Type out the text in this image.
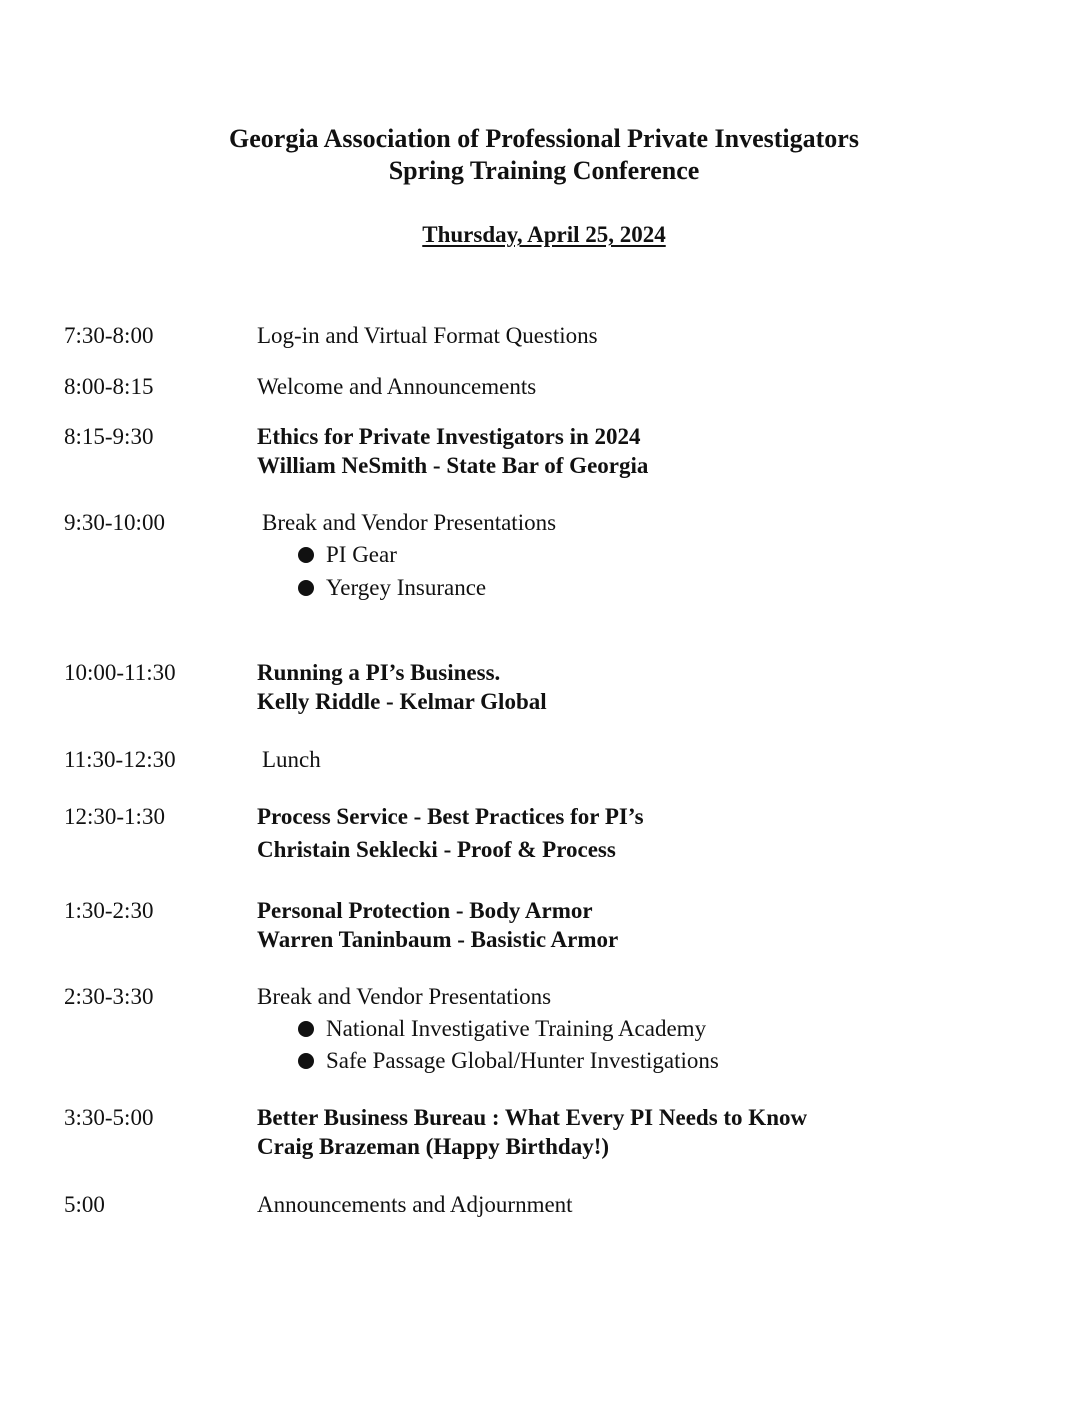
Georgia Association of Professional Private Investigators
Spring Training Conference
Thursday, April 25, 2024
7:30-8:00	Log-in and Virtual Format Questions
8:00-8:15	Welcome and Announcements
8:15-9:30	Ethics for Private Investigators in 2024
William NeSmith - State Bar of Georgia
9:30-10:00	Break and Vendor Presentations
PI Gear
Yergey Insurance
10:00-11:30	Running a PI’s Business.
Kelly Riddle - Kelmar Global
11:30-12:30	Lunch
12:30-1:30	Process Service - Best Practices for PI’s
Christain Seklecki - Proof & Process
1:30-2:30	Personal Protection - Body Armor
Warren Taninbaum - Basistic Armor
2:30-3:30	Break and Vendor Presentations
National Investigative Training Academy
Safe Passage Global/Hunter Investigations
3:30-5:00	Better Business Bureau : What Every PI Needs to Know
Craig Brazeman (Happy Birthday!)
5:00	Announcements and Adjournment
